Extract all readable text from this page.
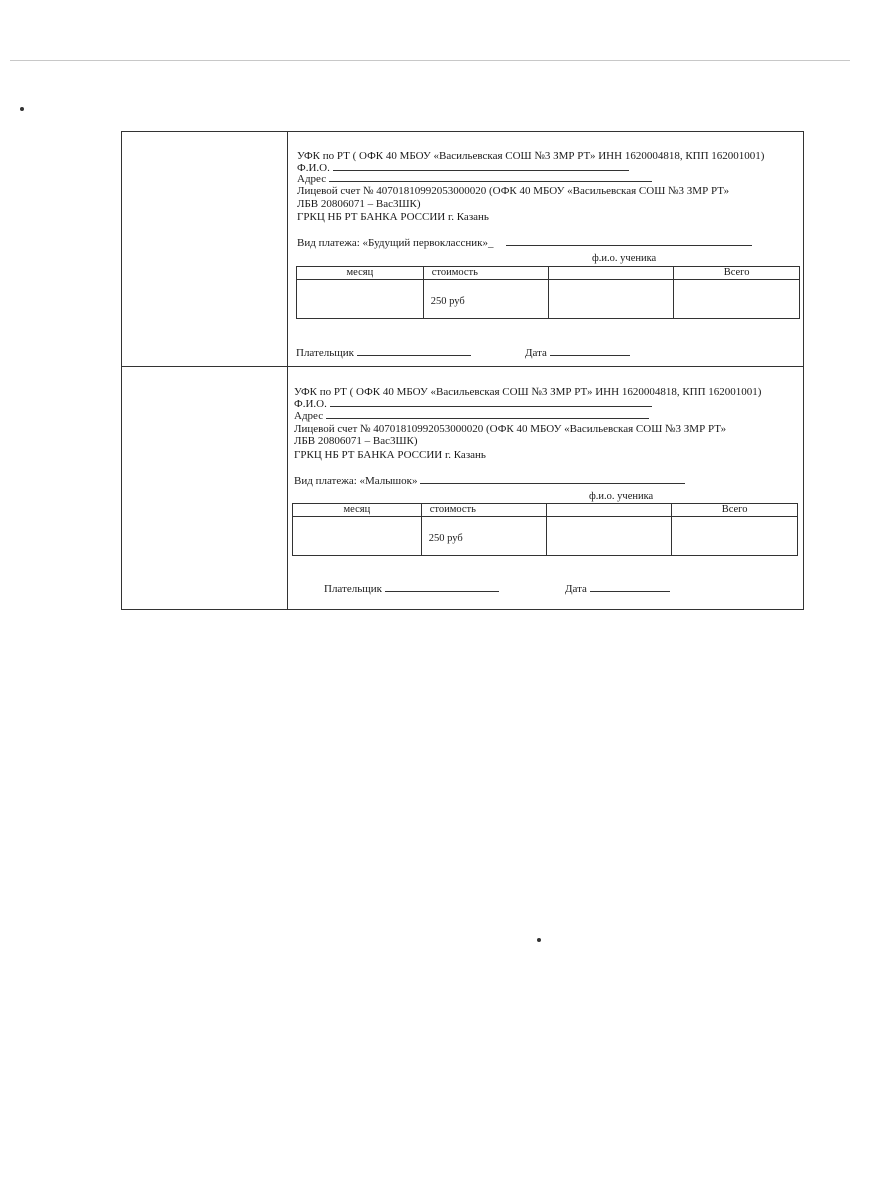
УФК по РТ ( ОФК 40 МБОУ «Васильевская СОШ №3 ЗМР РТ» ИНН 1620004818, КПП 162001001)
Ф.И.О.
Адрес
Лицевой счет № 40701810992053000020 (ОФК 40 МБОУ «Васильевская СОШ №3 ЗМР РТ»
ЛБВ 20806071 – Вас3ШК)
ГРКЦ НБ РТ БАНКА РОССИИ г. Казань
Вид платежа: «Будущий первоклассник»_
ф.и.о. ученика
месяц	стоимость		Всего

	250 руб		

Плательщик	Дата
УФК по РТ ( ОФК 40 МБОУ «Васильевская СОШ №3 ЗМР РТ» ИНН 1620004818, КПП 162001001)
Ф.И.О.
Адрес
Лицевой счет № 40701810992053000020 (ОФК 40 МБОУ «Васильевская СОШ №3 ЗМР РТ»
ЛБВ 20806071 – Вас3ШК)
ГРКЦ НБ РТ БАНКА РОССИИ г. Казань
Вид платежа: «Малышок»
ф.и.о. ученика
месяц	стоимость		Всего

	250 руб		

Плательщик	Дата
